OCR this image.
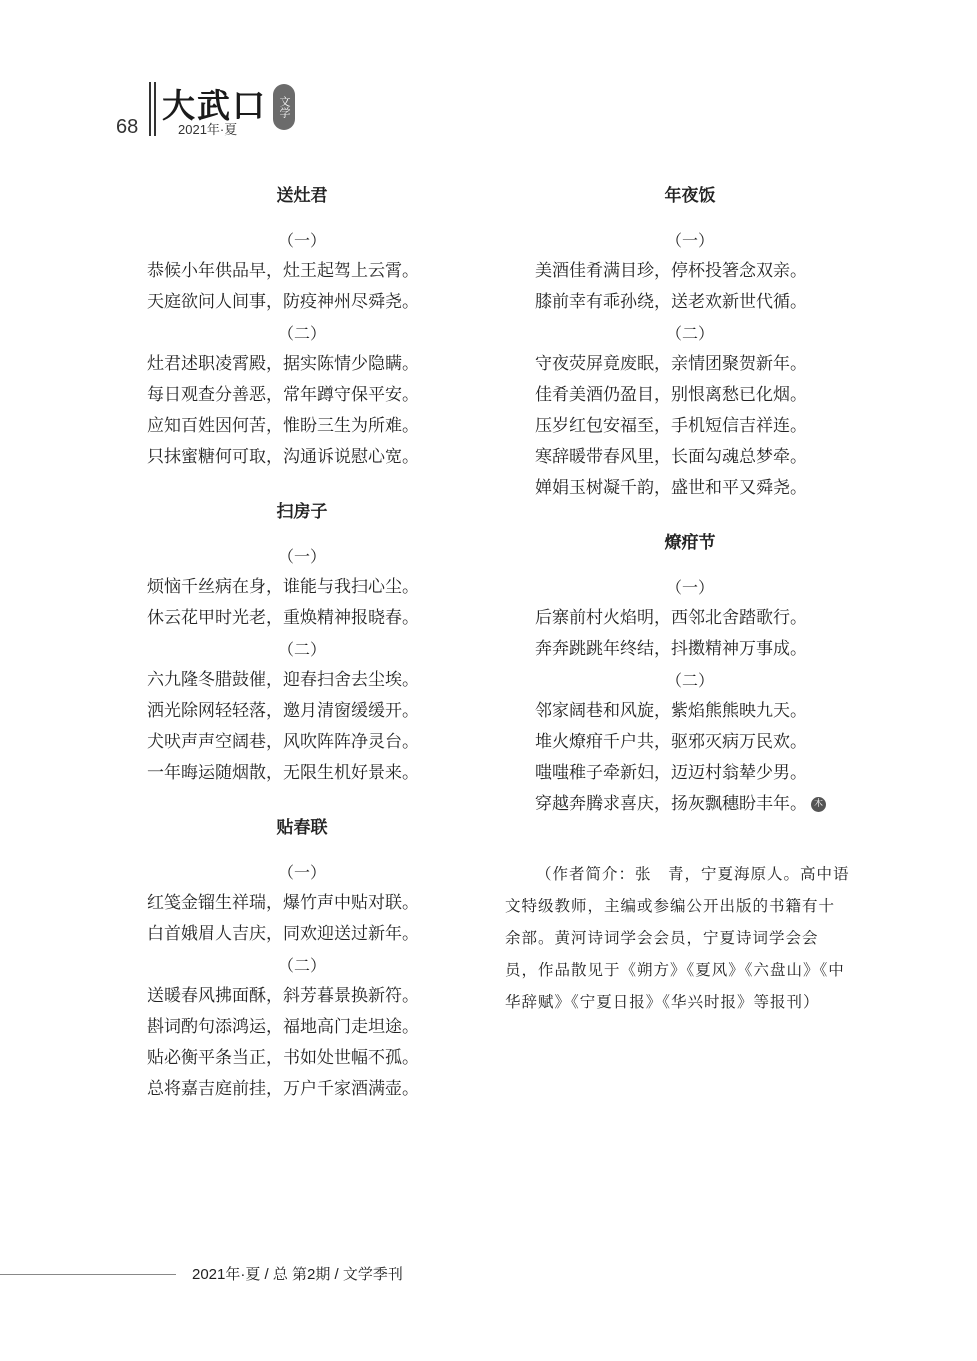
68
大武口	文学
2021年·夏
送灶君
（一）
恭候小年供品早，灶王起驾上云霄。
天庭欲问人间事，防疫神州尽舜尧。
（二）
灶君述职凌霄殿，据实陈情少隐瞒。
每日观查分善恶，常年蹲守保平安。
应知百姓因何苦，惟盼三生为所难。
只抹蜜糖何可取，沟通诉说慰心宽。
扫房子
（一）
烦恼千丝病在身，谁能与我扫心尘。
休云花甲时光老，重焕精神报晓春。
（二）
六九隆冬腊鼓催，迎春扫舍去尘埃。
洒光除网轻轻落，邀月清窗缓缓开。
犬吠声声空阔巷，风吹阵阵净灵台。
一年晦运随烟散，无限生机好景来。
贴春联
（一）
红笺金镏生祥瑞，爆竹声中贴对联。
白首娥眉人吉庆，同欢迎送过新年。
（二）
送暖春风拂面酥，斜芳暮景换新符。
斟词酌句添鸿运，福地高门走坦途。
贴必衡平条当正，书如处世幅不孤。
总将嘉吉庭前挂，万户千家酒满壶。
年夜饭
（一）
美酒佳肴满目珍，停杯投箸念双亲。
膝前幸有乖孙绕，送老欢新世代循。
（二）
守夜荧屏竟废眠，亲情团聚贺新年。
佳肴美酒仍盈目，别恨离愁已化烟。
压岁红包安福至，手机短信吉祥连。
寒辞暖带春风里，长面勾魂总梦牵。
婵娟玉树凝千韵，盛世和平又舜尧。
燎疳节
（一）
后寨前村火焰明，西邻北舍踏歌行。
奔奔跳跳年终结，抖擞精神万事成。
（二）
邻家阔巷和风旋，紫焰熊熊映九天。
堆火燎疳千户共，驱邪灭病万民欢。
嗤嗤稚子牵新妇，迈迈村翁辇少男。
穿越奔腾求喜庆，扬灰飘穗盼丰年。 木
（作者简介：张　青，宁夏海原人。高中语文特级教师，主编或参编公开出版的书籍有十余部。黄河诗词学会会员，宁夏诗词学会会员，作品散见于《朔方》《夏风》《六盘山》《中华辞赋》《宁夏日报》《华兴时报》等报刊）
2021年·夏 / 总 第2期 / 文学季刊
